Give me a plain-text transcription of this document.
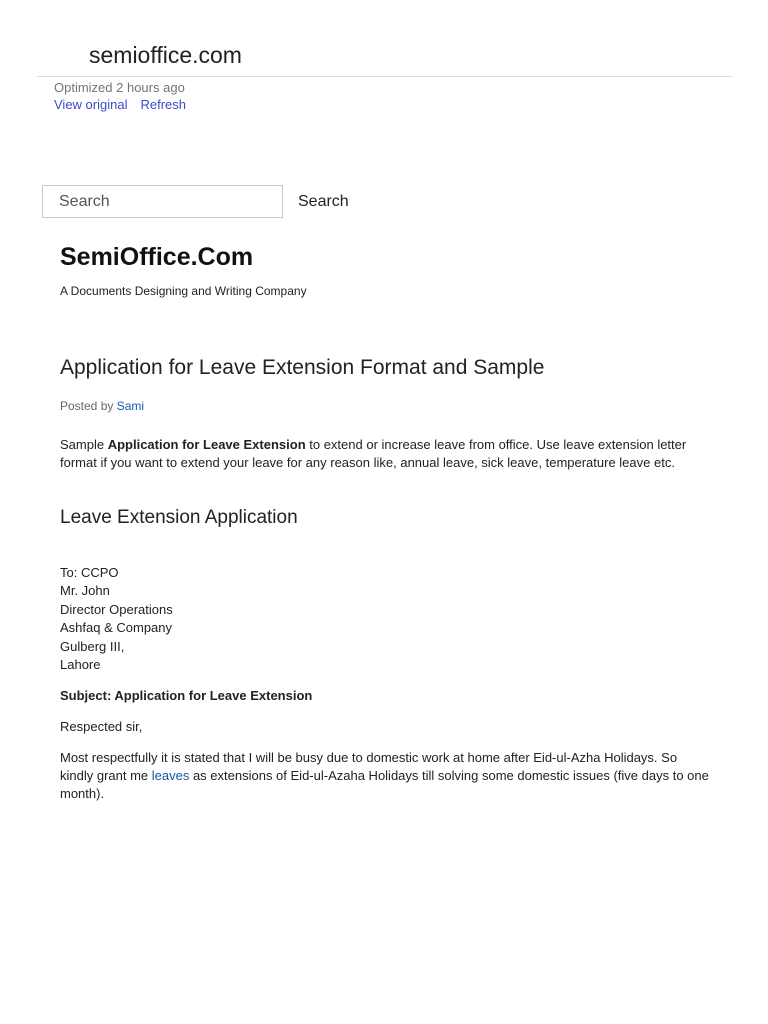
semioffice.com
Optimized 2 hours ago
View original Refresh
Search
Search
SemiOffice.Com
A Documents Designing and Writing Company
Application for Leave Extension Format and Sample
Posted by Sami

Sample Application for Leave Extension to extend or increase leave from office. Use leave extension letter format if you want to extend your leave for any reason like, annual leave, sick leave, temperature leave etc.

Leave Extension Application
To: CCPO
Mr. John
Director Operations
Ashfaq & Company
Gulberg III,
Lahore

Subject: Application for Leave Extension

Respected sir,

Most respectfully it is stated that I will be busy due to domestic work at home after Eid-ul-Azha Holidays. So kindly grant me leaves as extensions of Eid-ul-Azaha Holidays till solving some domestic issues (five days to one month).
